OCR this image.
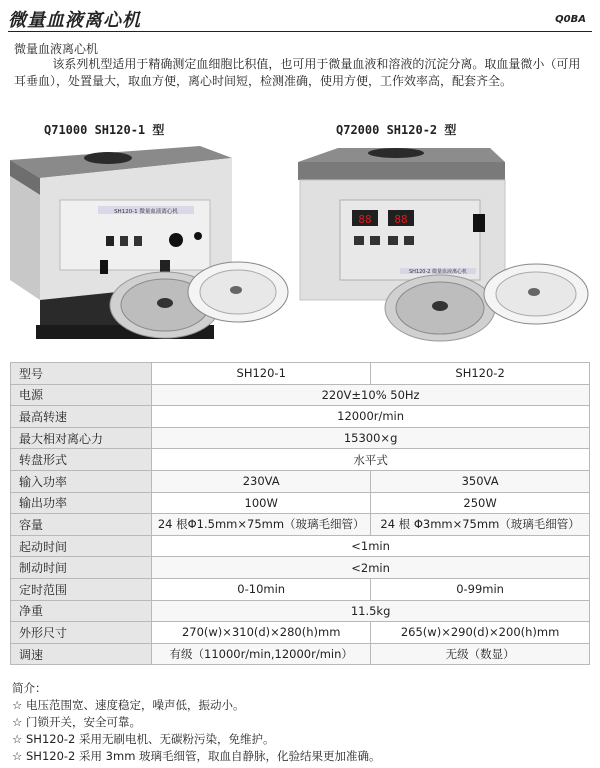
微量血液离心机	Q0BA
微量血液离心机
该系列机型适用于精确测定血细胞比积值，也可用于微量血液和溶液的沉淀分离。取血量微小（可用耳垂血），处置量大，取血方便，离心时间短，检测准确，使用方便，工作效率高，配套齐全。
Q71000 SH120-1 型	Q72000 SH120-2 型
SH120-1 微量血液离心机
88 88
SH120-2 微量血液离心机
型号	SH120-1	SH120-2
电源	220V±10% 50Hz	
最高转速	12000r/min	
最大相对离心力	15300×g	
转盘形式	水平式	
输入功率	230VA	350VA
输出功率	100W	250W
容量	24 根Φ1.5mm×75mm（玻璃毛细管）	24 根 Φ3mm×75mm（玻璃毛细管）
起动时间	<1min	
制动时间	<2min	
定时范围	0-10min	0-99min
净重	11.5kg	
外形尺寸	270(w)×310(d)×280(h)mm	265(w)×290(d)×200(h)mm
调速	有级（11000r/min,12000r/min）	无级（数显）
简介：
☆ 电压范围宽、速度稳定，噪声低，振动小。
☆ 门锁开关，安全可靠。
☆ SH120-2 采用无刷电机、无碳粉污染，免维护。
☆ SH120-2 采用 3mm 玻璃毛细管，取血自静脉，化验结果更加准确。
